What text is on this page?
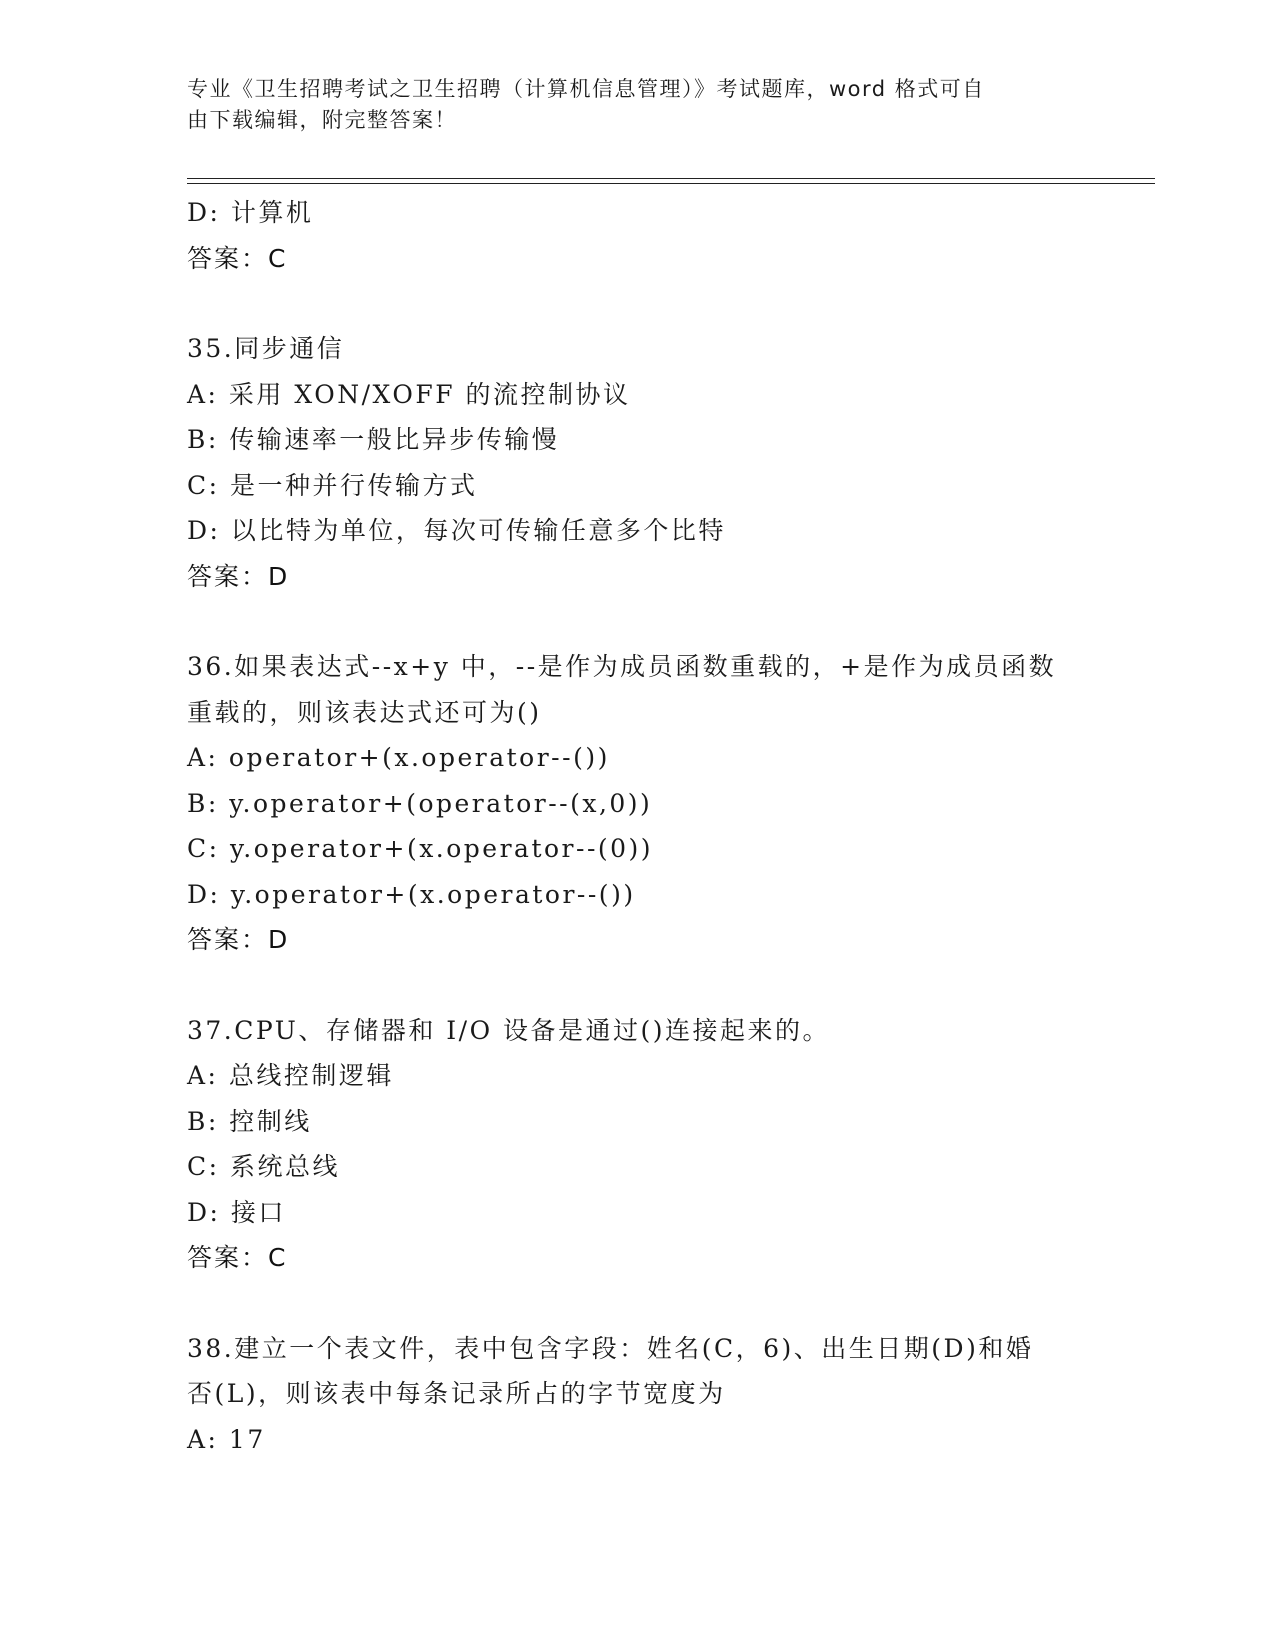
专业《卫生招聘考试之卫生招聘（计算机信息管理）》考试题库，word 格式可自
由下载编辑，附完整答案！
D: 计算机
答案：C
35.同步通信
A: 采用 XON/XOFF 的流控制协议
B: 传输速率一般比异步传输慢
C: 是一种并行传输方式
D: 以比特为单位，每次可传输任意多个比特
答案：D
36.如果表达式--x+y 中，--是作为成员函数重载的，+是作为成员函数
重载的，则该表达式还可为()
A: operator+(x.operator--())
B: y.operator+(operator--(x,0))
C: y.operator+(x.operator--(0))
D: y.operator+(x.operator--())
答案：D
37.CPU、存储器和 I/O 设备是通过()连接起来的。
A: 总线控制逻辑
B: 控制线
C: 系统总线
D: 接口
答案：C
38.建立一个表文件，表中包含字段：姓名(C，6)、出生日期(D)和婚
否(L)，则该表中每条记录所占的字节宽度为
A: 17
